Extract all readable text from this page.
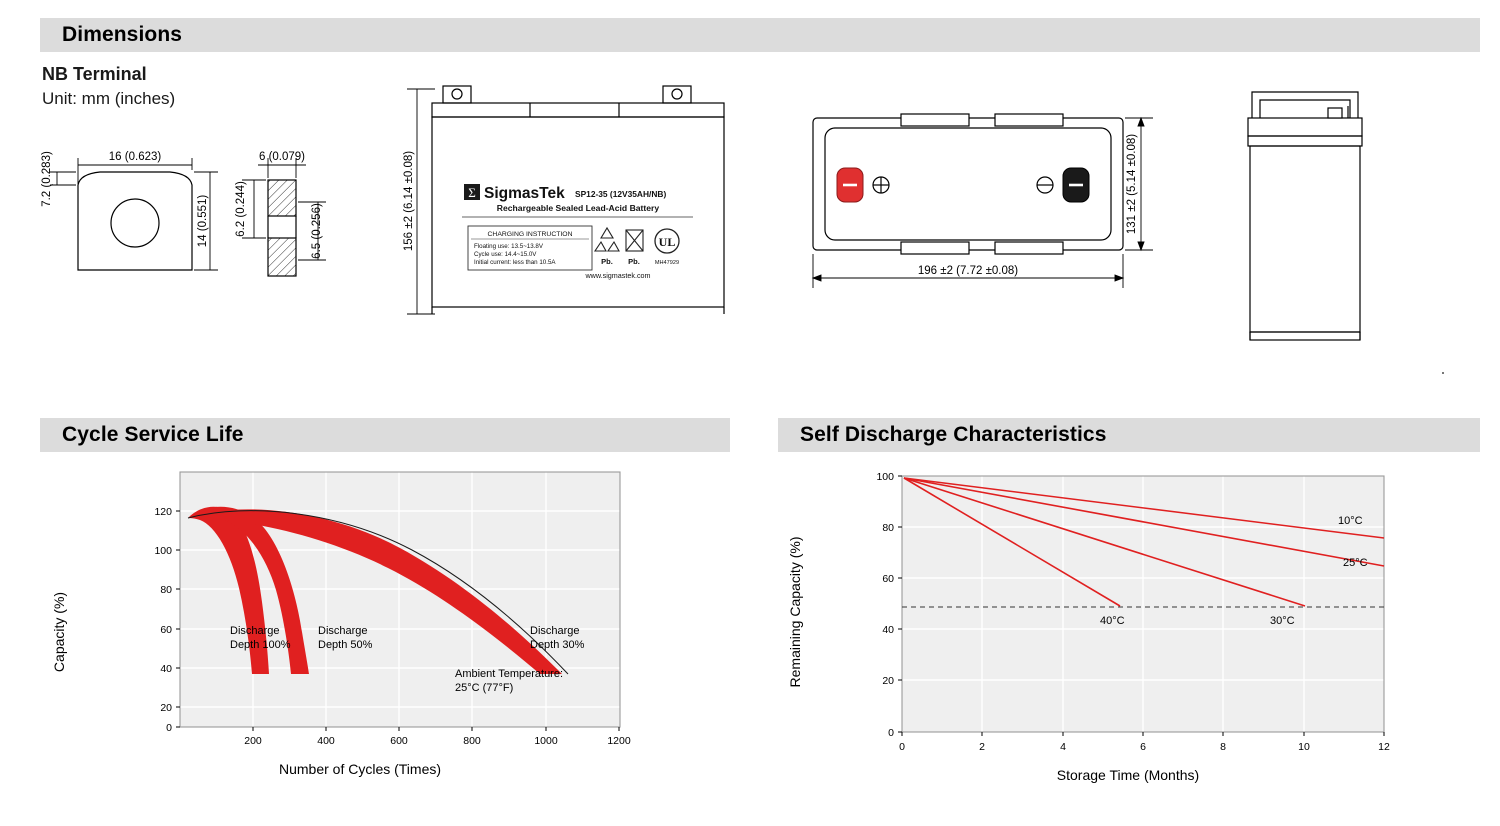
Dimensions
NB Terminal
Unit: mm (inches)
16 (0.623)
7.2 (0.283)
14 (0.551)
6 (0.079)
6.2 (0.244)	6.5 (0.256)	156 ±2 (6.14 ±0.08)	Σ SigmasTek SP12-35 (12V35AH/NB)
Rechargeable Sealed Lead-Acid Battery
CHARGING INSTRUCTION
Floating use: 13.5~13.8V
Cycle use: 14.4~15.0V
Initial current: less than 10.5A	Pb. Pb.
UL
MH47929
www.sigmastek.com	196 ±2 (7.72 ±0.08)
131 ±2 (5.14 ±0.08)
Cycle Service Life
0
20
40
60
80
100
120
200	400	600	800	1000	1200
Discharge
Depth 100%
Discharge
Depth 50%
Discharge
Depth 30%
Ambient Temperature:
25°C (77°F)
Capacity (%)
Number of Cycles (Times)
Self Discharge Characteristics
0
20
40
60
80
100
0	2	4	6	8	10	12
10°C
25°C
30°C
40°C
Remaining Capacity (%)
Storage Time (Months)
